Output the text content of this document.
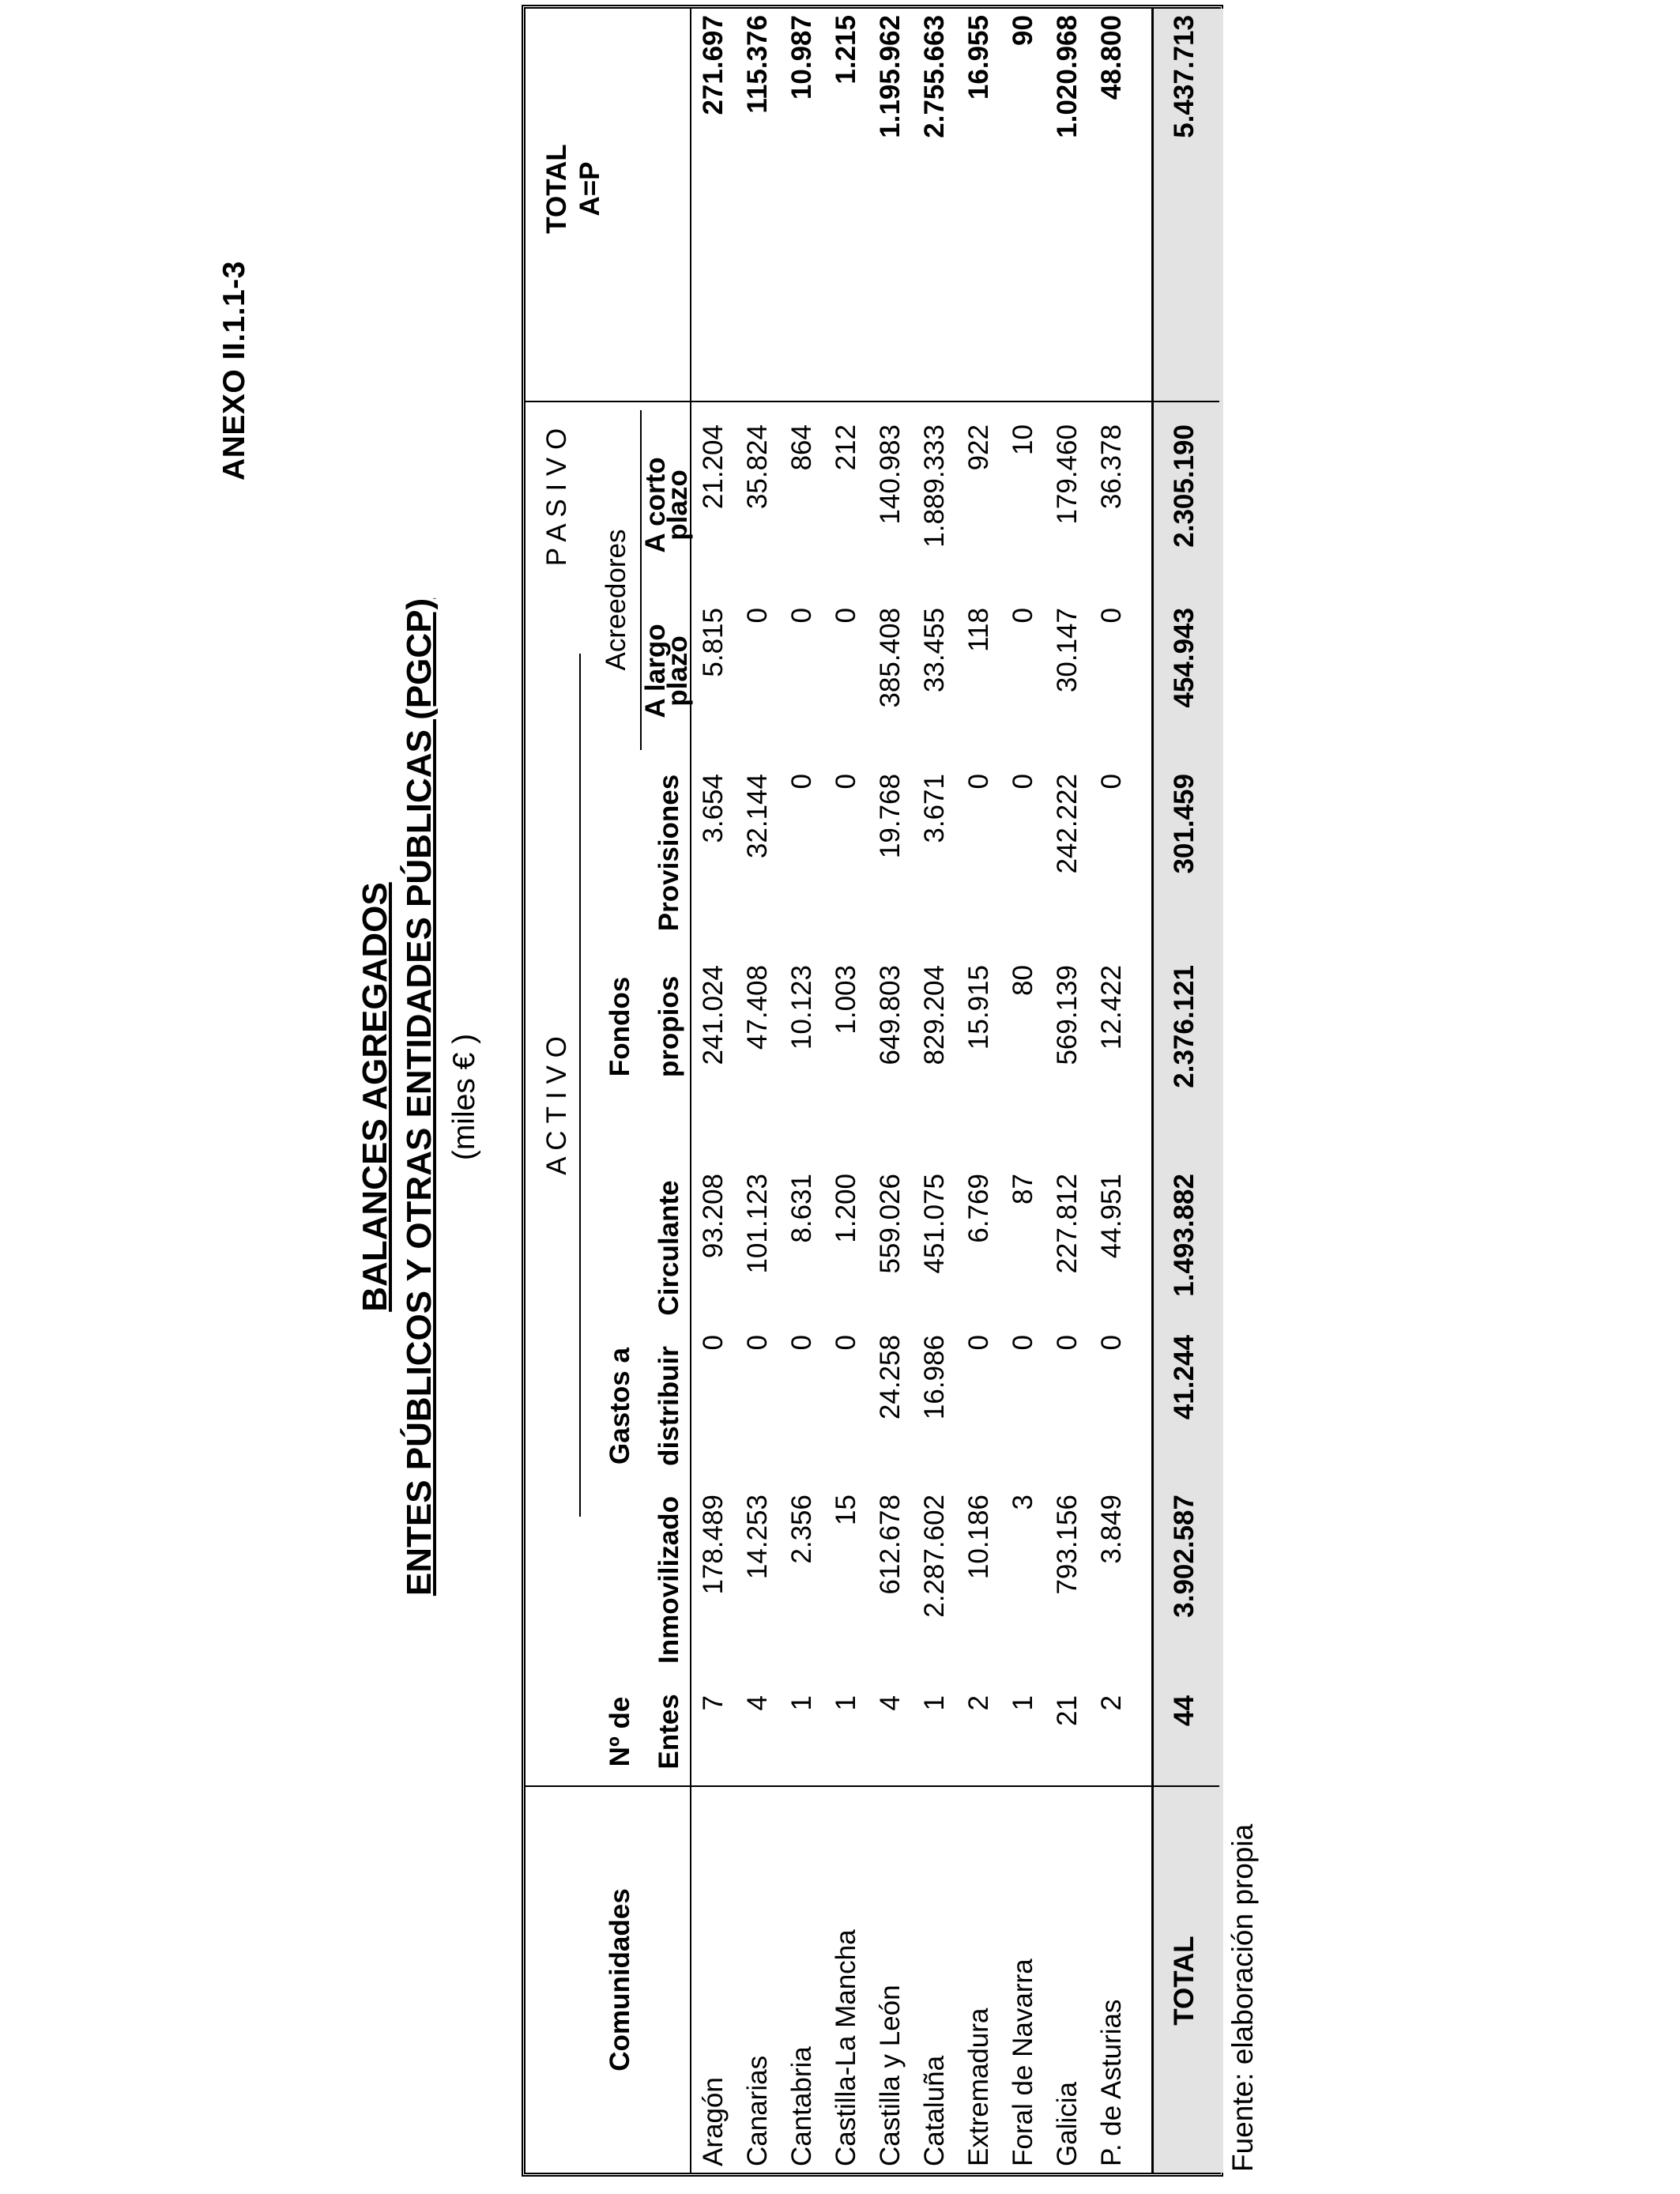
ANEXO II.1.1-3
BALANCES AGREGADOS ENTES PÚBLICOS Y OTRAS ENTIDADES PÚBLICAS (PGCP) (miles € )
Comunidades
Nº de Entes
A C T I V O
P A S I V O
Inmovilizado
Gastos a distribuir
Circulante
Fondos propios
Provisiones
Acreedores
A largo
plazo
A corto
plazo
TOTAL A=P
Aragón
7
178.489
0
93.208
241.024
3.654
5.815
21.204
271.697
Canarias
4
14.253
0
101.123
47.408
32.144
0
35.824
115.376
Cantabria
1
2.356
0
8.631
10.123
0
0
864
10.987
Castilla-La Mancha
1
15
0
1.200
1.003
0
0
212
1.215
Castilla y León
4
612.678
24.258
559.026
649.803
19.768
385.408
140.983
1.195.962
Cataluña
1
2.287.602
16.986
451.075
829.204
3.671
33.455
1.889.333
2.755.663
Extremadura
2
10.186
0
6.769
15.915
0
118
922
16.955
Foral de Navarra
1
3
0
87
80
0
0
10
90
Galicia
21
793.156
0
227.812
569.139
242.222
30.147
179.460
1.020.968
P. de Asturias
2
3.849
0
44.951
12.422
0
0
36.378
48.800
TOTAL
44
3.902.587
41.244
1.493.882
2.376.121
301.459
454.943
2.305.190
5.437.713
Fuente: elaboración propia
